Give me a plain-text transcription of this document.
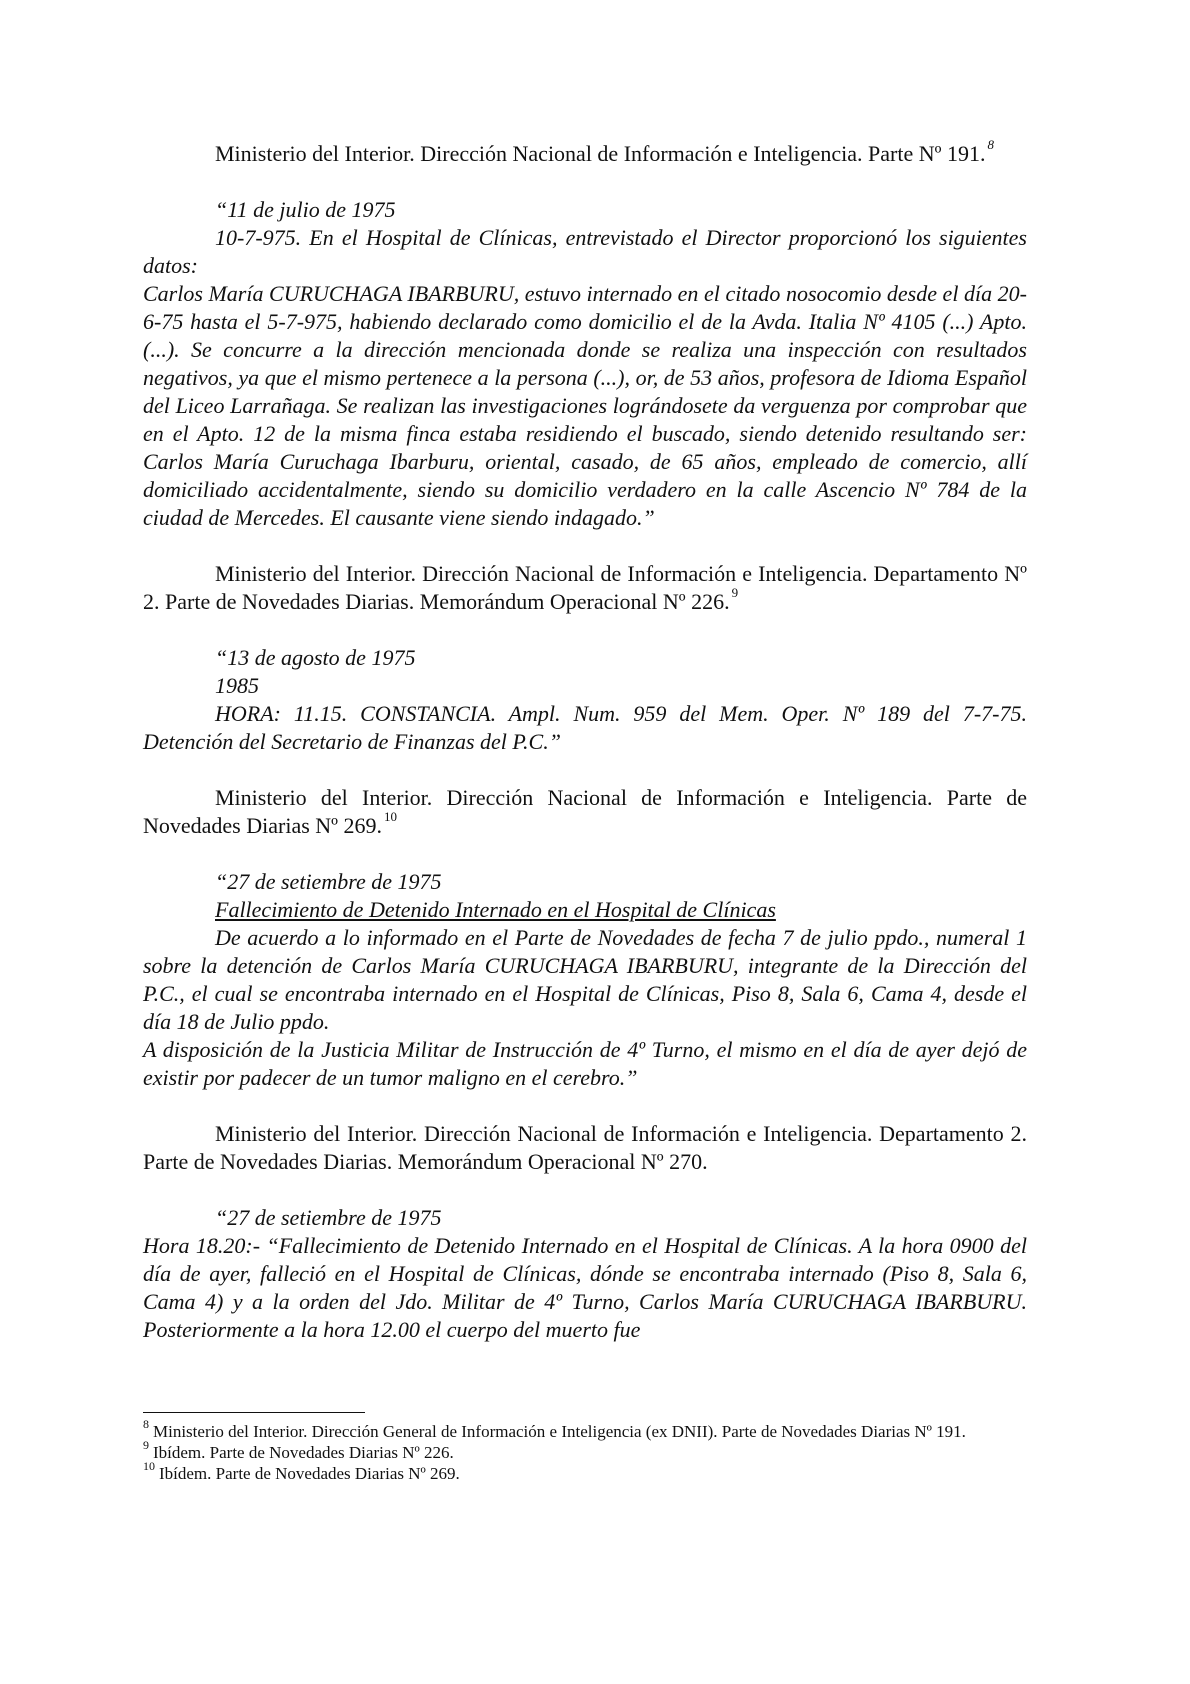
Ministerio del Interior. Dirección Nacional de Información e Inteligencia. Parte Nº 191. $^8$

“11 de julio de 1975

10-7-975. En el Hospital de Clínicas, entrevistado el Director proporcionó los siguientes datos:

Carlos María CURUCHAGA IBARBURU, estuvo internado en el citado nosocomio desde el día 20-6-75 hasta el 5-7-975, habiendo declarado como domicilio el de la Avda. Italia Nº 4105 (...) Apto. (...). Se concurre a la dirección mencionada donde se realiza una inspección con resultados negativos, ya que el mismo pertenece a la persona (...), or, de 53 años, profesora de Idioma Español del Liceo Larrañaga. Se realizan las investigaciones lográndosete da verguenza por comprobar que en el Apto. 12 de la misma finca estaba residiendo el buscado, siendo detenido resultando ser: Carlos María Curuchaga Ibarburu, oriental, casado, de 65 años, empleado de comercio, allí domiciliado accidentalmente, siendo su domicilio verdadero en la calle Ascencio Nº 784 de la ciudad de Mercedes. El causante viene siendo indagado.”

Ministerio del Interior. Dirección Nacional de Información e Inteligencia. Departamento Nº 2. Parte de Novedades Diarias. Memorándum Operacional Nº 226. $^9$

“13 de agosto de 1975

1985

HORA: 11.15. CONSTANCIA. Ampl. Num. 959 del Mem. Oper. Nº 189 del 7-7-75. Detención del Secretario de Finanzas del P.C.”

Ministerio del Interior. Dirección Nacional de Información e Inteligencia. Parte de Novedades Diarias Nº 269. $^{10}$

“27 de setiembre de 1975

Fallecimiento de Detenido Internado en el Hospital de Clínicas

De acuerdo a lo informado en el Parte de Novedades de fecha 7 de julio ppdo., numeral 1 sobre la detención de Carlos María CURUCHAGA IBARBURU, integrante de la Dirección del P.C., el cual se encontraba internado en el Hospital de Clínicas, Piso 8, Sala 6, Cama 4, desde el día 18 de Julio ppdo.

A disposición de la Justicia Militar de Instrucción de 4º Turno, el mismo en el día de ayer dejó de existir por padecer de un tumor maligno en el cerebro.”

Ministerio del Interior. Dirección Nacional de Información e Inteligencia. Departamento 2. Parte de Novedades Diarias. Memorándum Operacional Nº 270.

“27 de setiembre de 1975

Hora 18.20:- “Fallecimiento de Detenido Internado en el Hospital de Clínicas. A la hora 0900 del día de ayer, falleció en el Hospital de Clínicas, dónde se encontraba internado (Piso 8, Sala 6, Cama 4) y a la orden del Jdo. Militar de 4º Turno, Carlos María CURUCHAGA IBARBURU. Posteriormente a la hora 12.00 el cuerpo del muerto fue

$^8$ Ministerio del Interior. Dirección General de Información e Inteligencia (ex DNII). Parte de Novedades Diarias Nº 191.

$^9$ Ibídem. Parte de Novedades Diarias Nº 226.

$^{10}$ Ibídem. Parte de Novedades Diarias Nº 269.
